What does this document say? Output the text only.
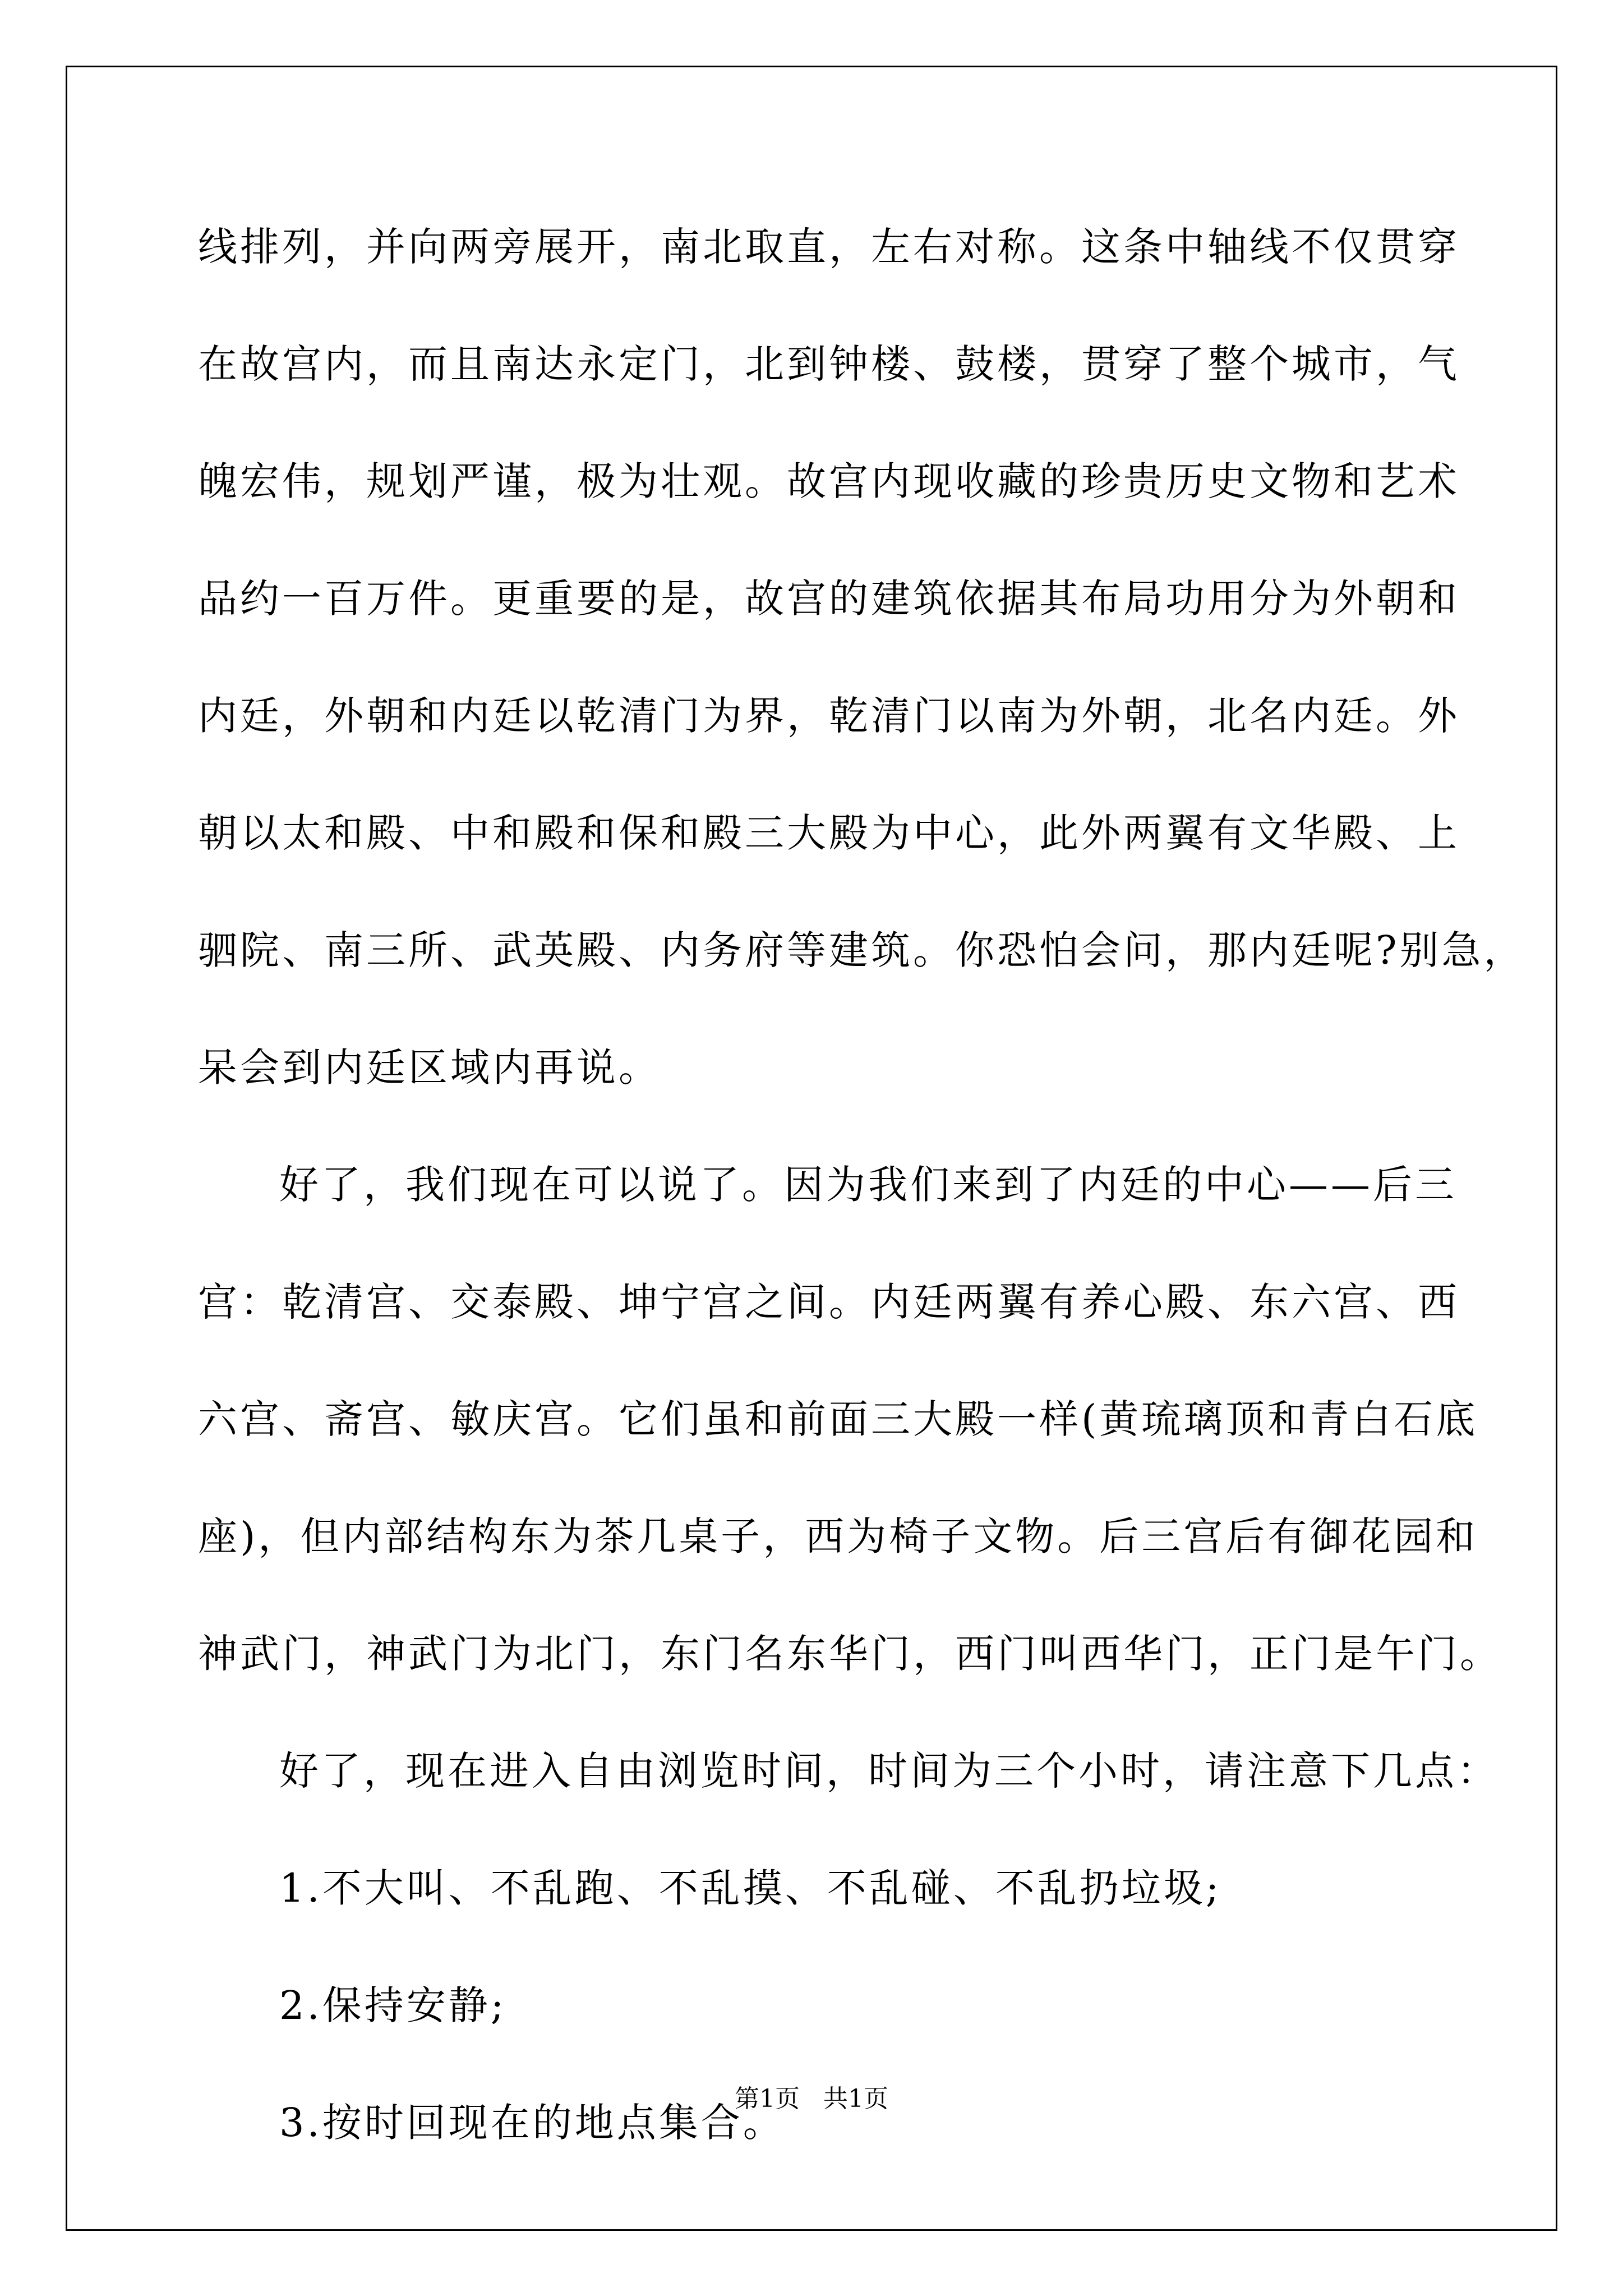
线排列，并向两旁展开，南北取直，左右对称。这条中轴线不仅贯穿
在故宫内，而且南达永定门，北到钟楼、鼓楼，贯穿了整个城市，气
魄宏伟，规划严谨，极为壮观。故宫内现收藏的珍贵历史文物和艺术
品约一百万件。更重要的是，故宫的建筑依据其布局功用分为外朝和
内廷，外朝和内廷以乾清门为界，乾清门以南为外朝，北名内廷。外
朝以太和殿、中和殿和保和殿三大殿为中心，此外两翼有文华殿、上
驷院、南三所、武英殿、内务府等建筑。你恐怕会问，那内廷呢?别急，
呆会到内廷区域内再说。
好了，我们现在可以说了。因为我们来到了内廷的中心——后三
宫：乾清宫、交泰殿、坤宁宫之间。内廷两翼有养心殿、东六宫、西
六宫、斋宫、敏庆宫。它们虽和前面三大殿一样(黄琉璃顶和青白石底
座)，但内部结构东为茶几桌子，西为椅子文物。后三宫后有御花园和
神武门，神武门为北门，东门名东华门，西门叫西华门，正门是午门。
好了，现在进入自由浏览时间，时间为三个小时，请注意下几点：
1.不大叫、不乱跑、不乱摸、不乱碰、不乱扔垃圾;
2.保持安静;
3.按时回现在的地点集合。
第1页   共1页
